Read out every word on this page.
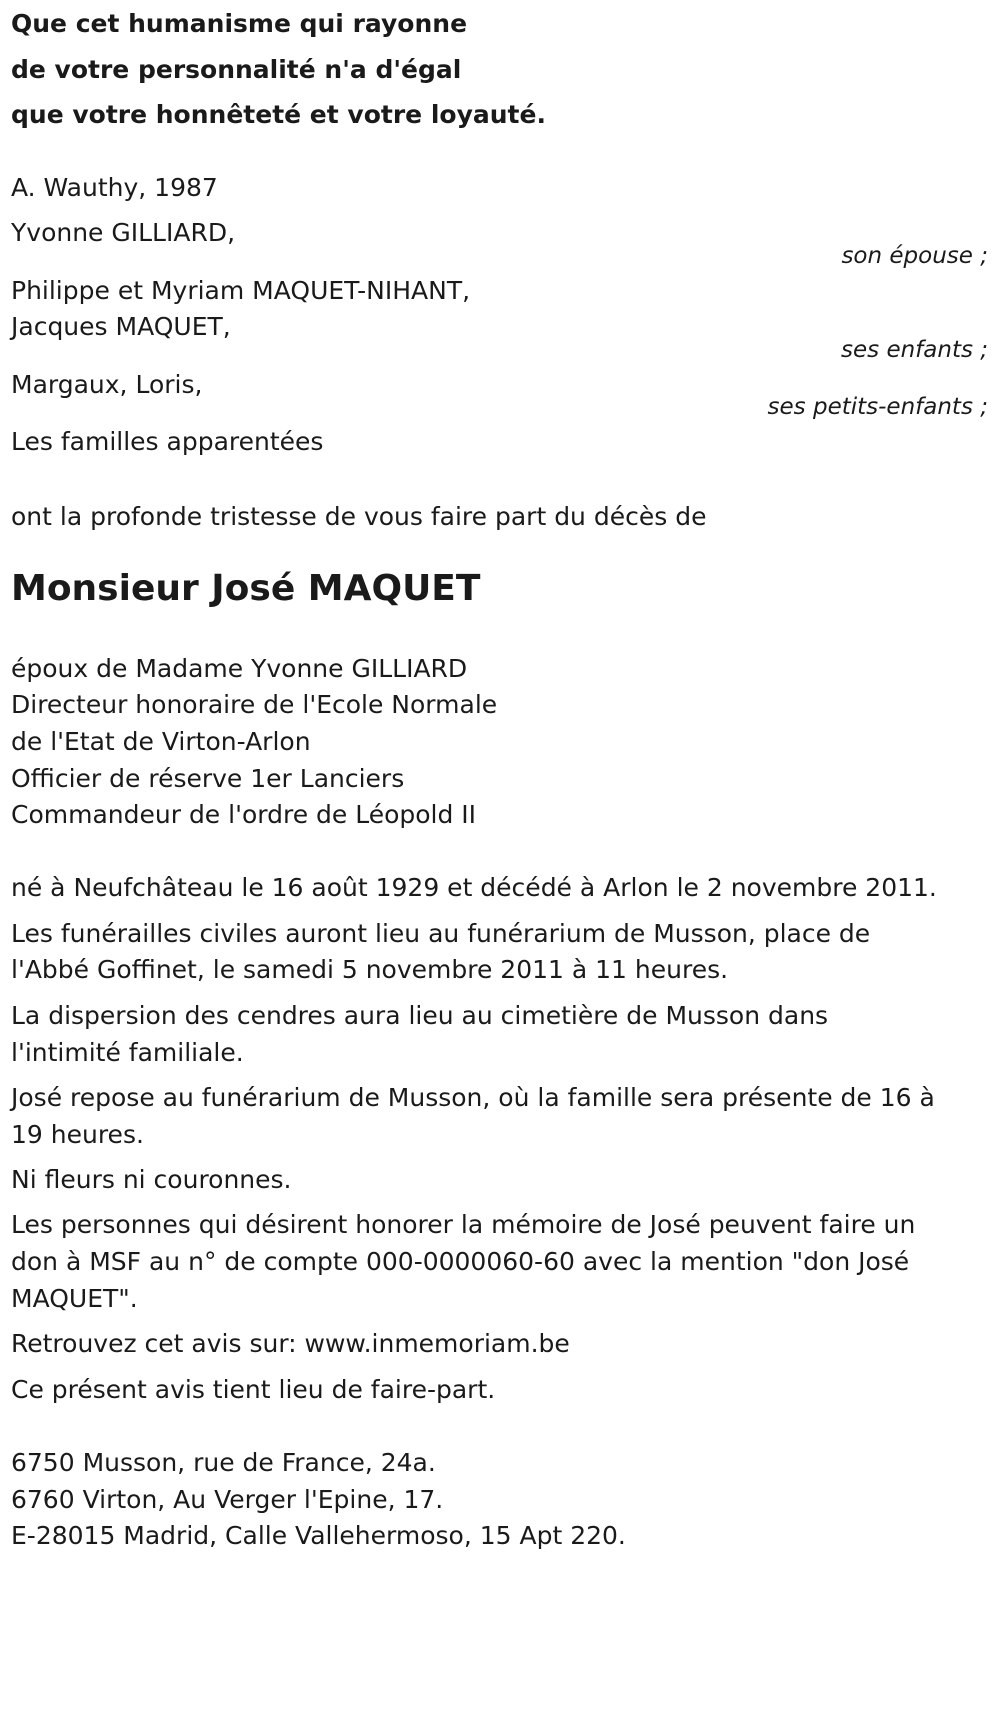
Que cet humanisme qui rayonne
de votre personnalité n'a d'égal
que votre honnêteté et votre loyauté.
A. Wauthy, 1987
Yvonne GILLIARD,
son épouse ;
Philippe et Myriam MAQUET-NIHANT,
Jacques MAQUET,
ses enfants ;
Margaux, Loris,
ses petits-enfants ;
Les familles apparentées
ont la profonde tristesse de vous faire part du décès de
Monsieur José MAQUET
époux de Madame Yvonne GILLIARD
Directeur honoraire de l'Ecole Normale
de l'Etat de Virton-Arlon
Officier de réserve 1er Lanciers
Commandeur de l'ordre de Léopold II
né à Neufchâteau le 16 août 1929 et décédé à Arlon le 2 novembre 2011.
Les funérailles civiles auront lieu au funérarium de Musson, place de
l'Abbé Goffinet, le samedi 5 novembre 2011 à 11 heures.
La dispersion des cendres aura lieu au cimetière de Musson dans
l'intimité familiale.
José repose au funérarium de Musson, où la famille sera présente de 16 à
19 heures.
Ni fleurs ni couronnes.
Les personnes qui désirent honorer la mémoire de José peuvent faire un
don à MSF au n° de compte 000-0000060-60 avec la mention "don José
MAQUET".
Retrouvez cet avis sur: www.inmemoriam.be
Ce présent avis tient lieu de faire-part.
6750 Musson, rue de France, 24a.
6760 Virton, Au Verger l'Epine, 17.
E-28015 Madrid, Calle Vallehermoso, 15 Apt 220.
